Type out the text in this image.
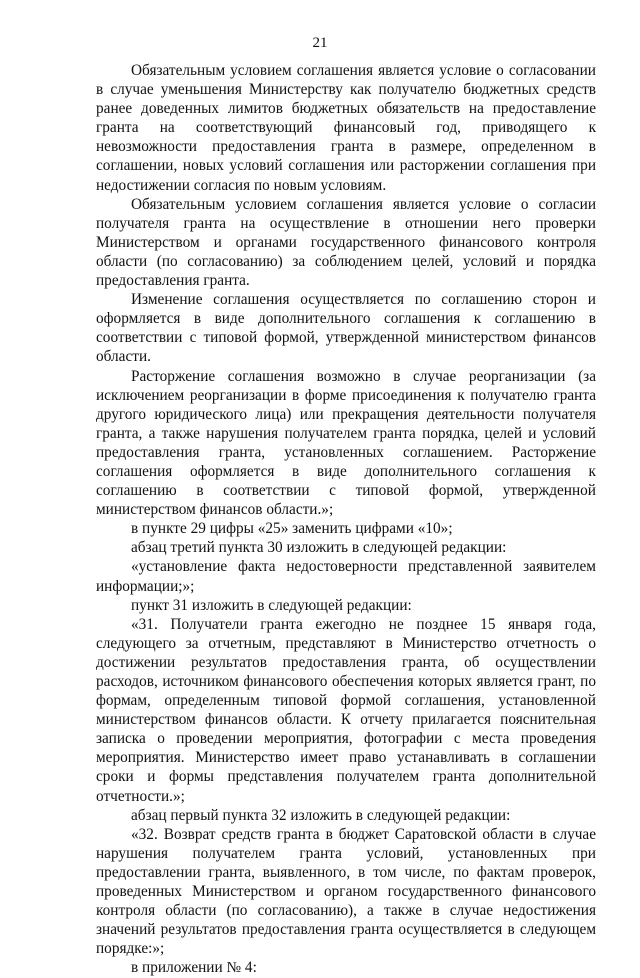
21

Обязательным условием соглашения является условие о согласовании в случае уменьшения Министерству как получателю бюджетных средств ранее доведенных лимитов бюджетных обязательств на предоставление гранта на соответствующий финансовый год, приводящего к невозможности предоставления гранта в размере, определенном в соглашении, новых условий соглашения или расторжении соглашения при недостижении согласия по новым условиям.

Обязательным условием соглашения является условие о согласии получателя гранта на осуществление в отношении него проверки Министерством и органами государственного финансового контроля области (по согласованию) за соблюдением целей, условий и порядка предоставления гранта.

Изменение соглашения осуществляется по соглашению сторон и оформляется в виде дополнительного соглашения к соглашению в соответствии с типовой формой, утвержденной министерством финансов области.

Расторжение соглашения возможно в случае реорганизации (за исключением реорганизации в форме присоединения к получателю гранта другого юридического лица) или прекращения деятельности получателя гранта, а также нарушения получателем гранта порядка, целей и условий предоставления гранта, установленных соглашением. Расторжение соглашения оформляется в виде дополнительного соглашения к соглашению в соответствии с типовой формой, утвержденной министерством финансов области.»;

в пункте 29 цифры «25» заменить цифрами «10»;

абзац третий пункта 30 изложить в следующей редакции:

«установление факта недостоверности представленной заявителем информации;»;

пункт 31 изложить в следующей редакции:

«31. Получатели гранта ежегодно не позднее 15 января года, следующего за отчетным, представляют в Министерство отчетность о достижении результатов предоставления гранта, об осуществлении расходов, источником финансового обеспечения которых является грант, по формам, определенным типовой формой соглашения, установленной министерством финансов области. К отчету прилагается пояснительная записка о проведении мероприятия, фотографии с места проведения мероприятия. Министерство имеет право устанавливать в соглашении сроки и формы представления получателем гранта дополнительной отчетности.»;

абзац первый пункта 32 изложить в следующей редакции:

«32. Возврат средств гранта в бюджет Саратовской области в случае нарушения получателем гранта условий, установленных при предоставлении гранта, выявленного, в том числе, по фактам проверок, проведенных Министерством и органом государственного финансового контроля области (по согласованию), а также в случае недостижения значений результатов предоставления гранта осуществляется в следующем порядке:»;

в приложении № 4:
